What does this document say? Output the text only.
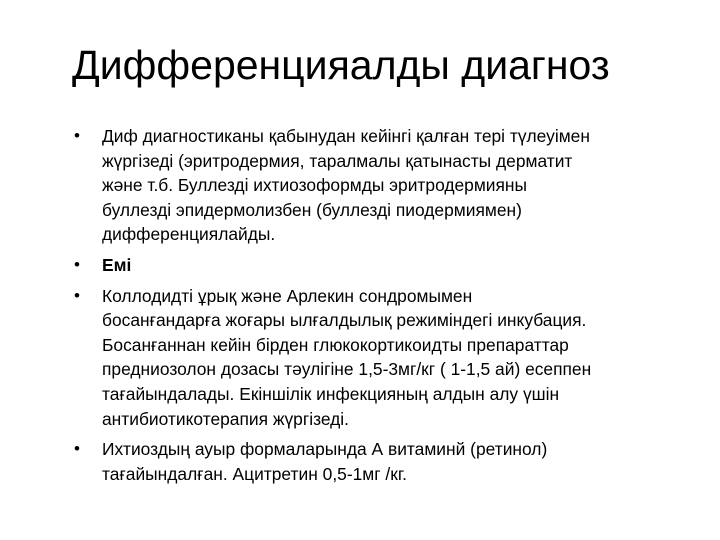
Дифференцияалды диагноз
• Диф диагностиканы қабынудан кейінгі қалған тері түлеуімен
жүргізеді (эритродермия, таралмалы қатынасты дерматит
және т.б. Буллезді ихтиозоформды эритродермияны
буллезді эпидермолизбен (буллезді пиодермиямен)
дифференциялайды.
• Емі
• Коллодидті ұрық және Арлекин сондромымен
босанғандарға жоғары ылғалдылық режиміндегі инкубация.
Босанғаннан кейін бірден глюкокортикоидты препараттар
предниозолон дозасы тәулігіне 1,5-3мг/кг ( 1-1,5 ай) есеппен
тағайындалады. Екіншілік инфекцияның алдын алу үшін
антибиотикотерапия жүргізеді.
• Ихтиоздың ауыр формаларында А витаминй (ретинол)
тағайындалған. Ацитретин 0,5-1мг /кг.
